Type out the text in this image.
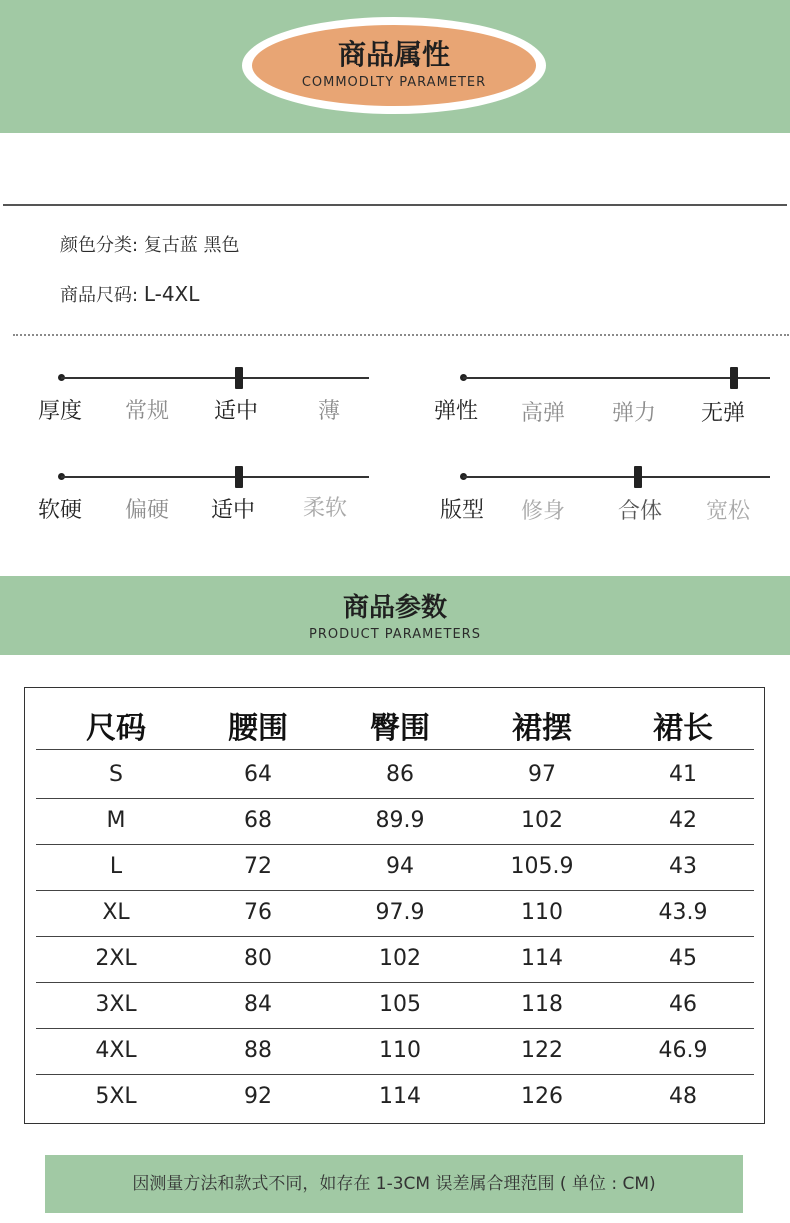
商品属性
COMMODLTY PARAMETER
颜色分类: 复古蓝 黑色
商品尺码: L-4XL
厚度 常规 适中	薄	弹性 高弹 弹力 无弹
软硬 偏硬 适中 柔软	版型 修身 合体 宽松
商品参数
PRODUCT PARAMETERS
尺码	腰围	臀围	裙摆	裙长
S	64	86	97	41
M	68	89.9	102	42
L	72	94	105.9	43
XL	76	97.9	110	43.9
2XL	80	102	114	45
3XL	84	105	118	46
4XL	88	110	122	46.9
5XL	92	114	126	48
因测量方法和款式不同，如存在 1-3CM 误差属合理范围 ( 单位 : CM)
